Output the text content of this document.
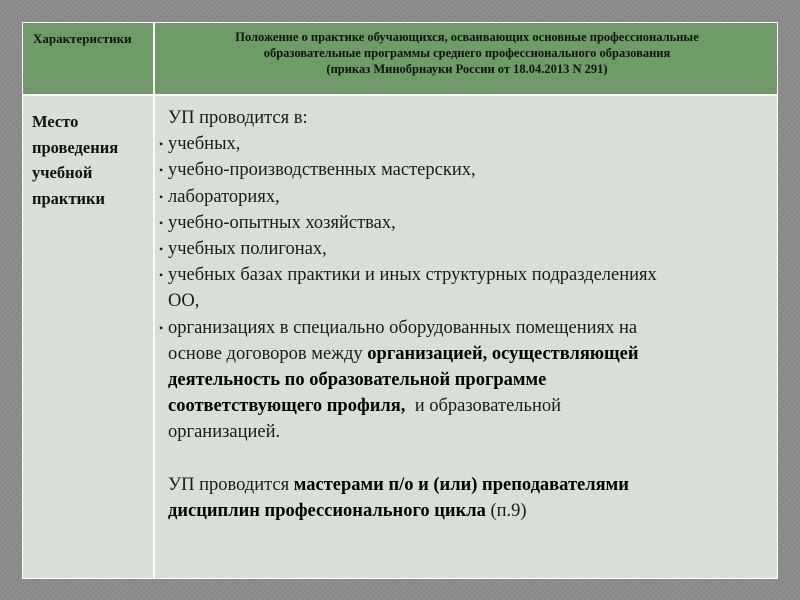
Характеристики	Положение о практике обучающихся, осваивающих основные профессиональные
образовательные программы среднего профессионального образования
(приказ Минобрнауки России от 18.04.2013 N 291)
Место
проведения
учебной
практики
УП проводится в:
• учебных,
• учебно-производственных мастерских,
• лабораториях,
• учебно-опытных хозяйствах,
• учебных полигонах,
• учебных базах практики и иных структурных подразделениях
ОО,
• организациях в специально оборудованных помещениях на
основе договоров между организацией, осуществляющей
деятельность по образовательной программе
соответствующего профиля,  и образовательной
организацией.
УП проводится мастерами п/о и (или) преподавателями
дисциплин профессионального цикла (п.9)
